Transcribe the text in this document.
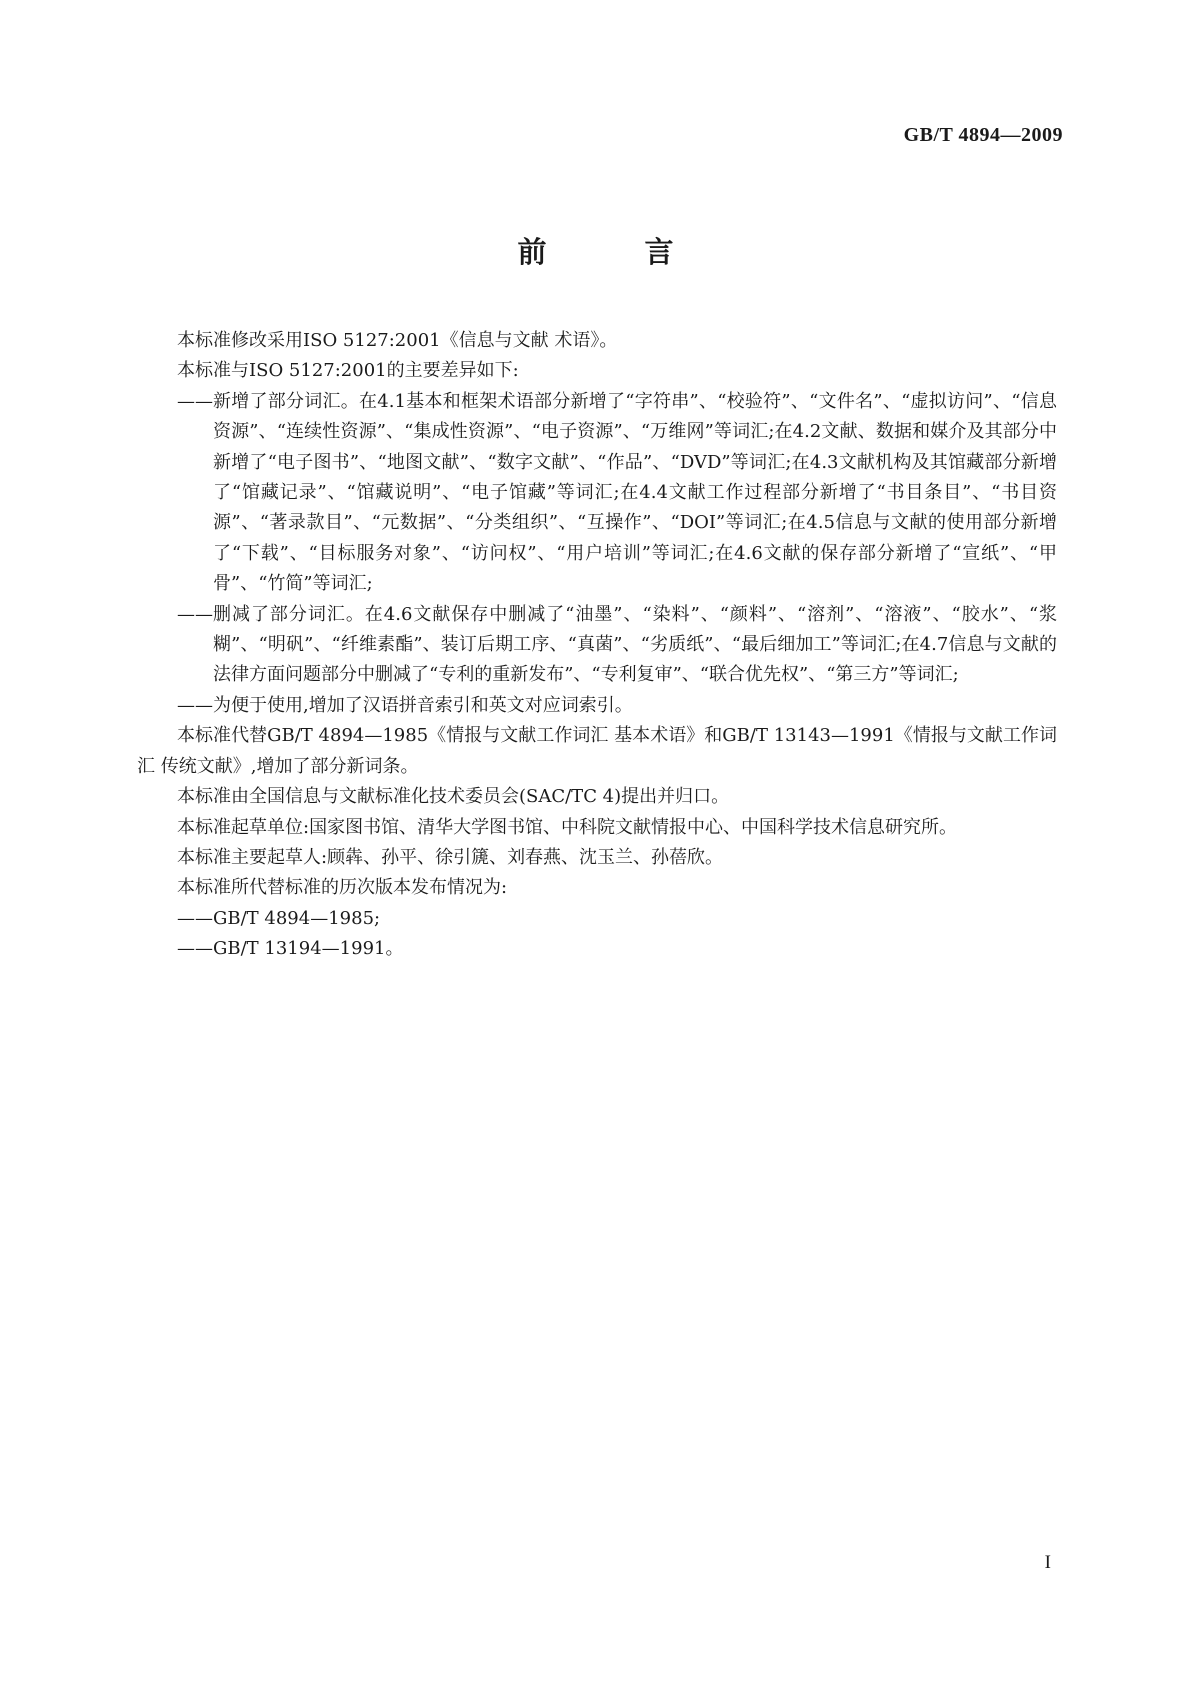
GB/T 4894—2009
前 言

本标准修改采用ISO 5127:2001《信息与文献 术语》。

本标准与ISO 5127:2001的主要差异如下:

—— 新增了部分词汇。在4.1基本和框架术语部分新增了“字符串”、“校验符”、“文件名”、“虚拟访问”、“信息资源”、“连续性资源”、“集成性资源”、“电子资源”、“万维网”等词汇;在4.2文献、数据和媒介及其部分中新增了“电子图书”、“地图文献”、“数字文献”、“作品”、“DVD”等词汇;在4.3文献机构及其馆藏部分新增了“馆藏记录”、“馆藏说明”、“电子馆藏”等词汇;在4.4文献工作过程部分新增了“书目条目”、“书目资源”、“著录款目”、“元数据”、“分类组织”、“互操作”、“DOI”等词汇;在4.5信息与文献的使用部分新增了“下载”、“目标服务对象”、“访问权”、“用户培训”等词汇;在4.6文献的保存部分新增了“宣纸”、“甲骨”、“竹简”等词汇;

—— 删减了部分词汇。在4.6文献保存中删减了“油墨”、“染料”、“颜料”、“溶剂”、“溶液”、“胶水”、“浆糊”、“明矾”、“纤维素酯”、装订后期工序、“真菌”、“劣质纸”、“最后细加工”等词汇;在4.7信息与文献的法律方面问题部分中删减了“专利的重新发布”、“专利复审”、“联合优先权”、“第三方”等词汇;

—— 为便于使用,增加了汉语拼音索引和英文对应词索引。

本标准代替GB/T 4894—1985《情报与文献工作词汇 基本术语》和GB/T 13143—1991《情报与文献工作词汇 传统文献》,增加了部分新词条。

本标准由全国信息与文献标准化技术委员会(SAC/TC 4)提出并归口。

本标准起草单位:国家图书馆、清华大学图书馆、中科院文献情报中心、中国科学技术信息研究所。

本标准主要起草人:顾犇、孙平、徐引篪、刘春燕、沈玉兰、孙蓓欣。

本标准所代替标准的历次版本发布情况为:

—— GB/T 4894—1985;

—— GB/T 13194—1991。

I
